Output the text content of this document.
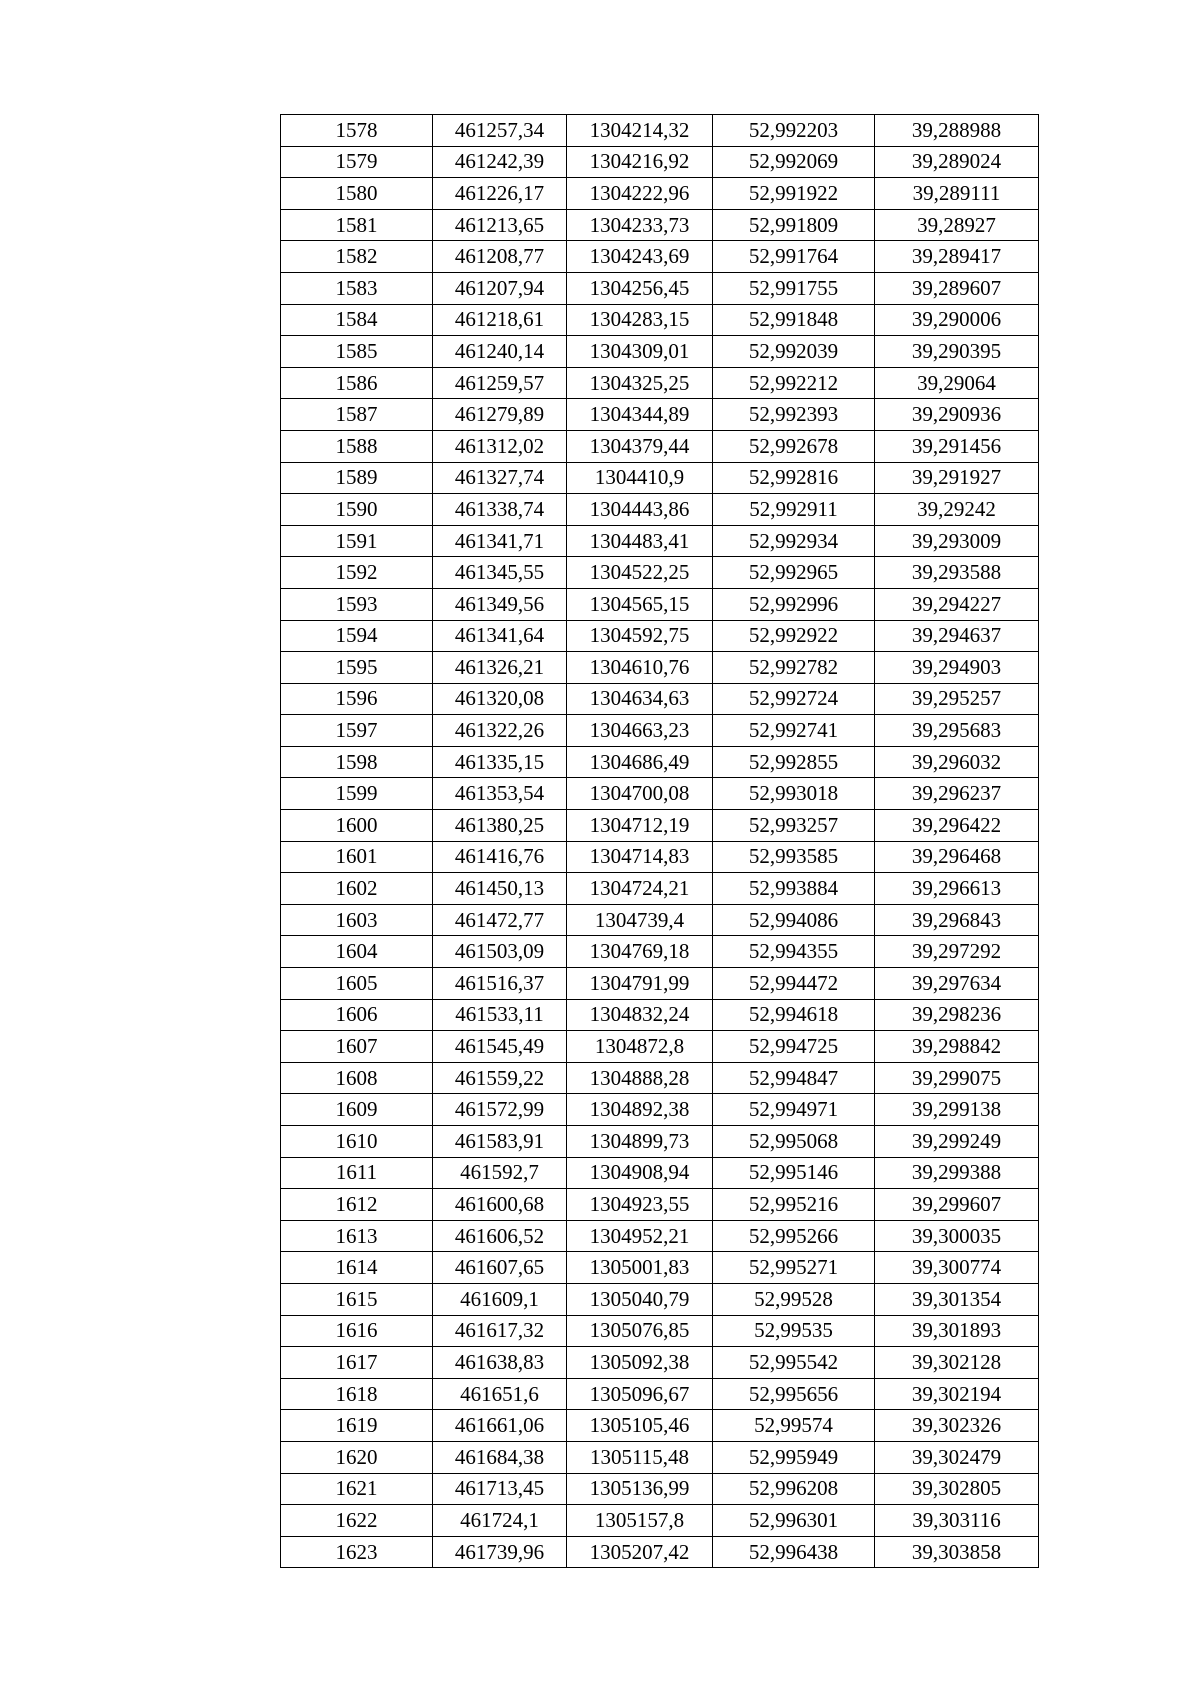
1578	461257,34	1304214,32	52,992203	39,288988
1579	461242,39	1304216,92	52,992069	39,289024
1580	461226,17	1304222,96	52,991922	39,289111
1581	461213,65	1304233,73	52,991809	39,28927
1582	461208,77	1304243,69	52,991764	39,289417
1583	461207,94	1304256,45	52,991755	39,289607
1584	461218,61	1304283,15	52,991848	39,290006
1585	461240,14	1304309,01	52,992039	39,290395
1586	461259,57	1304325,25	52,992212	39,29064
1587	461279,89	1304344,89	52,992393	39,290936
1588	461312,02	1304379,44	52,992678	39,291456
1589	461327,74	1304410,9	52,992816	39,291927
1590	461338,74	1304443,86	52,992911	39,29242
1591	461341,71	1304483,41	52,992934	39,293009
1592	461345,55	1304522,25	52,992965	39,293588
1593	461349,56	1304565,15	52,992996	39,294227
1594	461341,64	1304592,75	52,992922	39,294637
1595	461326,21	1304610,76	52,992782	39,294903
1596	461320,08	1304634,63	52,992724	39,295257
1597	461322,26	1304663,23	52,992741	39,295683
1598	461335,15	1304686,49	52,992855	39,296032
1599	461353,54	1304700,08	52,993018	39,296237
1600	461380,25	1304712,19	52,993257	39,296422
1601	461416,76	1304714,83	52,993585	39,296468
1602	461450,13	1304724,21	52,993884	39,296613
1603	461472,77	1304739,4	52,994086	39,296843
1604	461503,09	1304769,18	52,994355	39,297292
1605	461516,37	1304791,99	52,994472	39,297634
1606	461533,11	1304832,24	52,994618	39,298236
1607	461545,49	1304872,8	52,994725	39,298842
1608	461559,22	1304888,28	52,994847	39,299075
1609	461572,99	1304892,38	52,994971	39,299138
1610	461583,91	1304899,73	52,995068	39,299249
1611	461592,7	1304908,94	52,995146	39,299388
1612	461600,68	1304923,55	52,995216	39,299607
1613	461606,52	1304952,21	52,995266	39,300035
1614	461607,65	1305001,83	52,995271	39,300774
1615	461609,1	1305040,79	52,99528	39,301354
1616	461617,32	1305076,85	52,99535	39,301893
1617	461638,83	1305092,38	52,995542	39,302128
1618	461651,6	1305096,67	52,995656	39,302194
1619	461661,06	1305105,46	52,99574	39,302326
1620	461684,38	1305115,48	52,995949	39,302479
1621	461713,45	1305136,99	52,996208	39,302805
1622	461724,1	1305157,8	52,996301	39,303116
1623	461739,96	1305207,42	52,996438	39,303858
